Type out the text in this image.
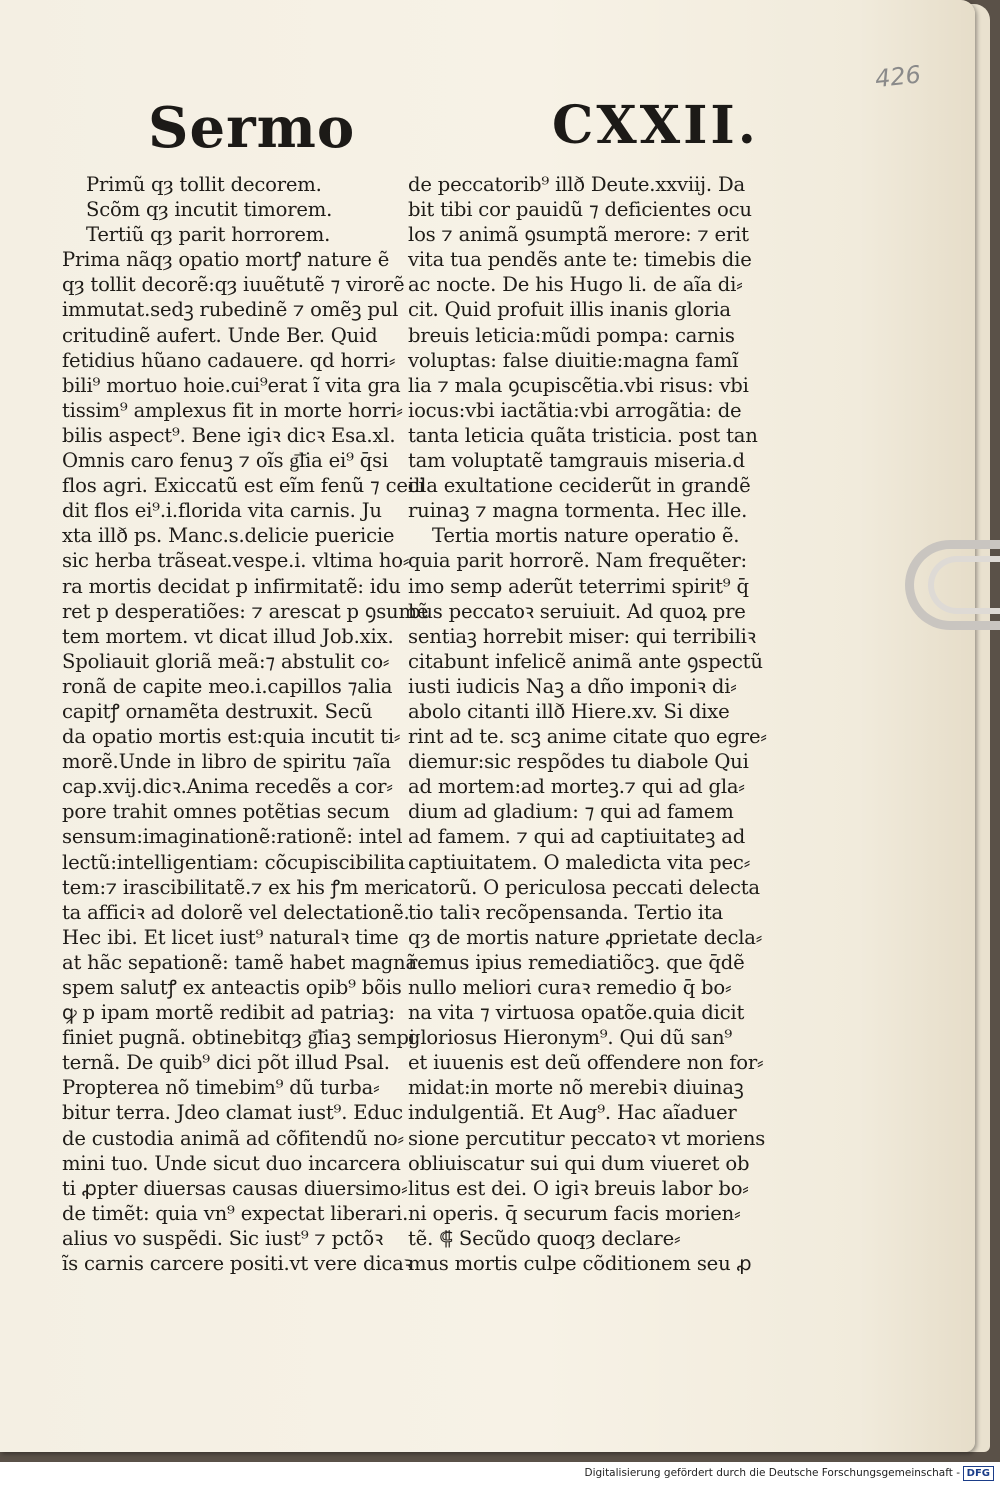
426
Sermo	CXXII.
Primũ qȝ tollit decorem.
Scõm qȝ incutit timorem.
Tertiũ qȝ parit horrorem.
Prima nãqȝ opatio mortꝭ nature ẽ
qȝ tollit decorẽ:qȝ iuuẽtutẽ ⁊ virorẽ
immutat.sedꝫ rubedinẽ ⁊ omẽꝫ pul
critudinẽ aufert. Unde Ber. Quid
fetidius hũano cadauere. qd horri⸗
bili⁹ mortuo hoie.cui⁹erat ĩ vita gra
tissim⁹ amplexus fit in morte horri⸗
bilis aspect⁹. Bene igiꝛ dicꝛ Esa.xl.
Omnis caro fenuꝫ ⁊ oĩs g͞lia ei⁹ q̄si
flos agri. Exiccatũ est eĩm fenũ ⁊ ceci
dit flos ei⁹.i.florida vita carnis. Ju
xta illð ps. Manc.s.delicie puericie
sic herba trãseat.vespe.i. vltima ho⸗
ra mortis decidat p infirmitatẽ: idu
ret p desperatiões: ⁊ arescat p ꝯsumẽ
tem mortem. vt dicat illud Job.xix.
Spoliauit gloriã meã:⁊ abstulit co⸗
ronã de capite meo.i.capillos ⁊alia
capitꝭ ornamẽta destruxit. Secũ
da opatio mortis est:quia incutit ti⸗
morẽ.Unde in libro de spiritu ⁊aĩa
cap.xvij.dicꝛ.Anima recedẽs a cor⸗
pore trahit omnes potẽtias secum
sensum:imaginationẽ:rationẽ: intel
lectũ:intelligentiam: cõcupiscibilita
tem:⁊ irascibilitatẽ.⁊ ex his ꝭm meri
ta afficiꝛ ad dolorẽ vel delectationẽ.
Hec ibi. Et licet iust⁹ naturalꝛ time
at hãc sepationẽ: tamẽ habet magnã
spem salutꝭ ex anteactis opib⁹ bõis
ꝙ p ipam mortẽ redibit ad patriaꝫ:
finiet pugnã. obtinebitqȝ g͞liaꝫ sempi
ternã. De quib⁹ dici põt illud Psal.
Propterea nõ timebim⁹ dũ turba⸗
bitur terra. Jdeo clamat iust⁹. Educ
de custodia animã ad cõfitendũ no⸗
mini tuo. Unde sicut duo incarcera
ti ꝓpter diuersas causas diuersimo⸗
de timẽt: quia vn⁹ expectat liberari.
alius vo suspẽdi. Sic iust⁹ ⁊ pctõꝛ
ĩs carnis carcere positi.vt vere dicaꝛ
de peccatorib⁹ illð Deute.xxviij. Da
bit tibi cor pauidũ ⁊ deficientes ocu
los ⁊ animã ꝯsumptã merore: ⁊ erit
vita tua pendẽs ante te: timebis die
ac nocte. De his Hugo li. de aĩa di⸗
cit. Quid profuit illis inanis gloria
breuis leticia:mũdi pompa: carnis
voluptas: false diuitie:magna famĩ
lia ⁊ mala ꝯcupiscẽtia.vbi risus: vbi
iocus:vbi iactãtia:vbi arrogãtia: de
tanta leticia quãta tristicia. post tan
tam voluptatẽ tamgrauis miseria.d
illa exultatione ceciderũt in grandẽ
ruinaꝫ ⁊ magna tormenta. Hec ille.
Tertia mortis nature operatio ẽ.
quia parit horrorẽ. Nam frequẽter:
imo semp aderũt teterrimi spirit⁹ q̄
bus peccatoꝛ seruiuit. Ad quoꝝ pre
sentiaꝫ horrebit miser: qui terribiliꝛ
citabunt infelicẽ animã ante ꝯspectũ
iusti iudicis Naꝫ a dño imponiꝛ di⸗
abolo citanti illð Hiere.xv. Si dixe
rint ad te. scꝫ anime citate quo egre⸗
diemur:sic respõdes tu diabole Qui
ad mortem:ad morteꝫ.⁊ qui ad gla⸗
dium ad gladium: ⁊ qui ad famem
ad famem. ⁊ qui ad captiuitateꝫ ad
captiuitatem. O maledicta vita pec⸗
catorũ. O periculosa peccati delecta
tio taliꝛ recõpensanda. Tertio ita
qȝ de mortis nature ꝓprietate decla⸗
remus ipius remediatiõcꝫ. que q̄dẽ
nullo meliori curaꝛ remedio q̄ bo⸗
na vita ⁊ virtuosa opatõe.quia dicit
gloriosus Hieronym⁹. Qui dũ san⁹
et iuuenis est deũ offendere non for⸗
midat:in morte nõ merebiꝛ diuinaꝫ
indulgentiã. Et Aug⁹. Hac aĩaduer
sione percutitur peccatoꝛ vt moriens
obliuiscatur sui qui dum viueret ob
litus est dei. O igiꝛ breuis labor bo⸗
ni operis. q̄ securum facis morien⸗
tẽ. ⸿ Secũdo quoqȝ declare⸗
mus mortis culpe cõditionem seu ꝓ
Digitalisierung gefördert durch die Deutsche Forschungsgemeinschaft - DFG
